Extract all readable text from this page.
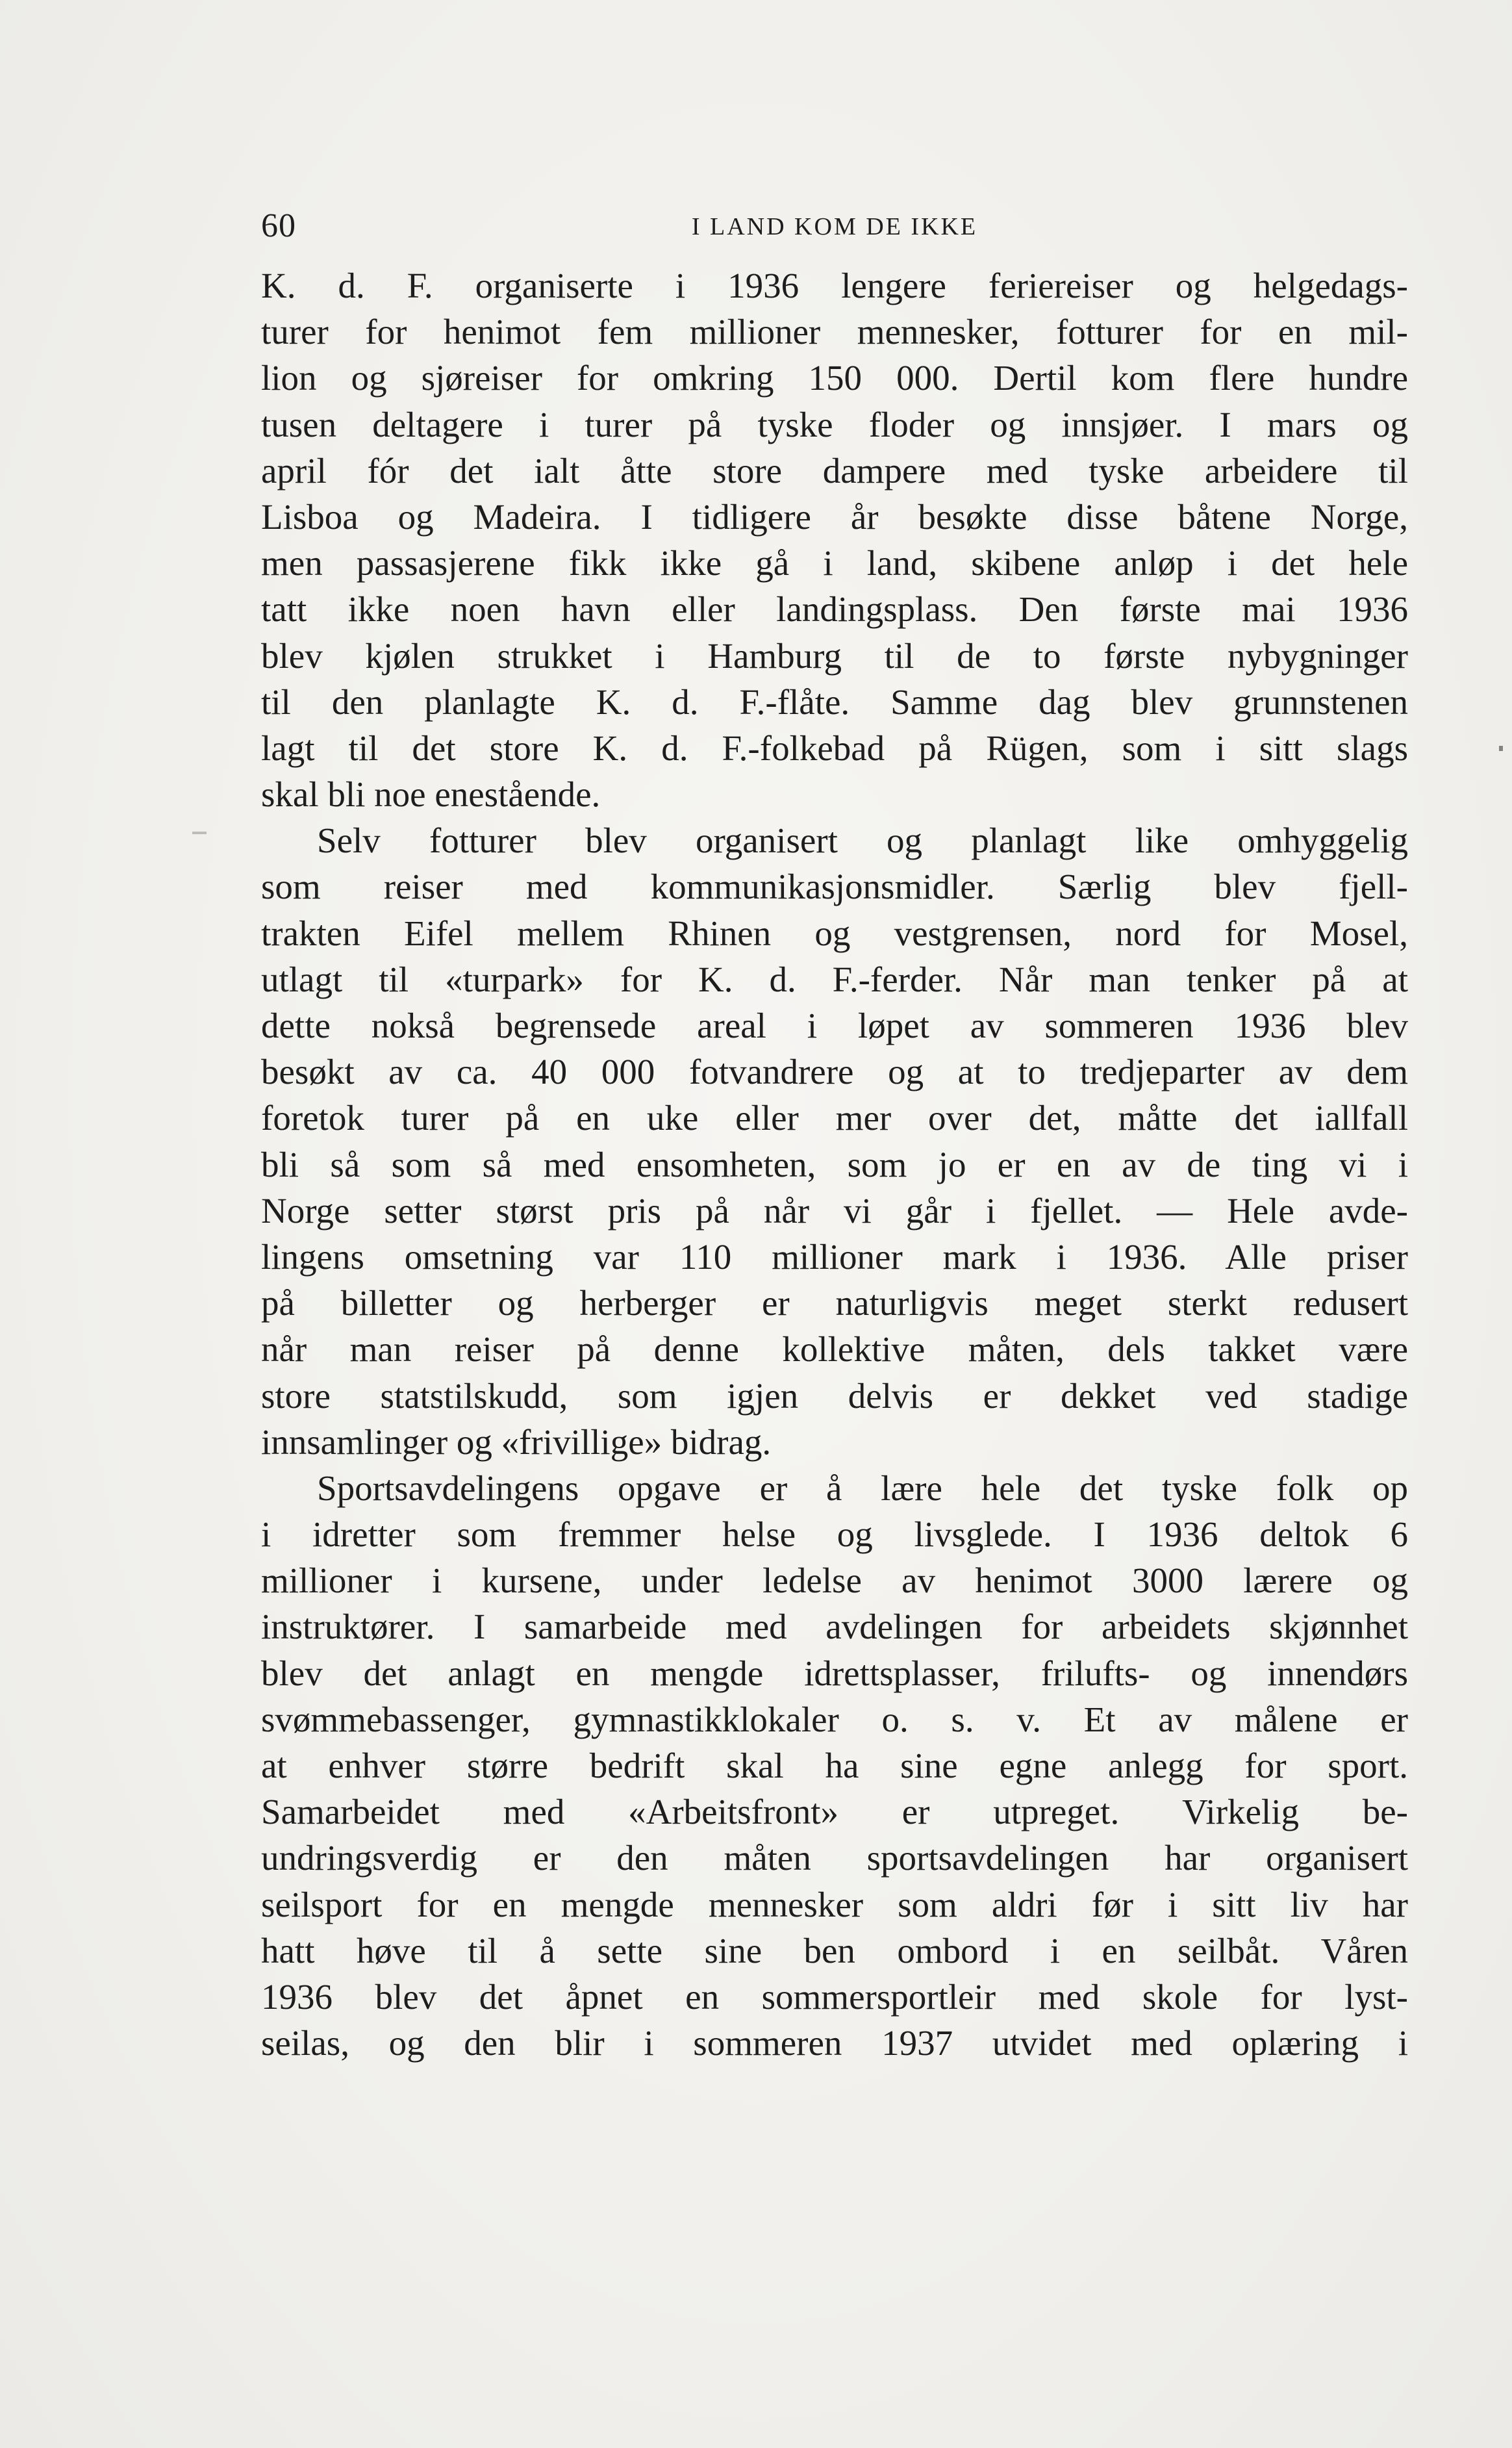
60	I LAND KOM DE IKKE
K. d. F. organiserte i 1936 lengere feriereiser og helgedags-
turer for henimot fem millioner mennesker, fotturer for en mil-
lion og sjøreiser for omkring 150 000. Dertil kom flere hundre
tusen deltagere i turer på tyske floder og innsjøer. I mars og
april fór det ialt åtte store dampere med tyske arbeidere til
Lisboa og Madeira. I tidligere år besøkte disse båtene Norge,
men passasjerene fikk ikke gå i land, skibene anløp i det hele
tatt ikke noen havn eller landingsplass. Den første mai 1936
blev kjølen strukket i Hamburg til de to første nybygninger
til den planlagte K. d. F.-flåte. Samme dag blev grunnstenen
lagt til det store K. d. F.-folkebad på Rügen, som i sitt slags
skal bli noe enestående.
Selv fotturer blev organisert og planlagt like omhyggelig
som reiser med kommunikasjonsmidler. Særlig blev fjell-
trakten Eifel mellem Rhinen og vestgrensen, nord for Mosel,
utlagt til «turpark» for K. d. F.-ferder. Når man tenker på at
dette nokså begrensede areal i løpet av sommeren 1936 blev
besøkt av ca. 40 000 fotvandrere og at to tredjeparter av dem
foretok turer på en uke eller mer over det, måtte det iallfall
bli så som så med ensomheten, som jo er en av de ting vi i
Norge setter størst pris på når vi går i fjellet. — Hele avde-
lingens omsetning var 110 millioner mark i 1936. Alle priser
på billetter og herberger er naturligvis meget sterkt redusert
når man reiser på denne kollektive måten, dels takket være
store statstilskudd, som igjen delvis er dekket ved stadige
innsamlinger og «frivillige» bidrag.
Sportsavdelingens opgave er å lære hele det tyske folk op
i idretter som fremmer helse og livsglede. I 1936 deltok 6
millioner i kursene, under ledelse av henimot 3000 lærere og
instruktører. I samarbeide med avdelingen for arbeidets skjønnhet
blev det anlagt en mengde idrettsplasser, frilufts- og innendørs
svømmebassenger, gymnastikklokaler o. s. v. Et av målene er
at enhver større bedrift skal ha sine egne anlegg for sport.
Samarbeidet med «Arbeitsfront» er utpreget. Virkelig be-
undringsverdig er den måten sportsavdelingen har organisert
seilsport for en mengde mennesker som aldri før i sitt liv har
hatt høve til å sette sine ben ombord i en seilbåt. Våren
1936 blev det åpnet en sommersportleir med skole for lyst-
seilas, og den blir i sommeren 1937 utvidet med oplæring i
